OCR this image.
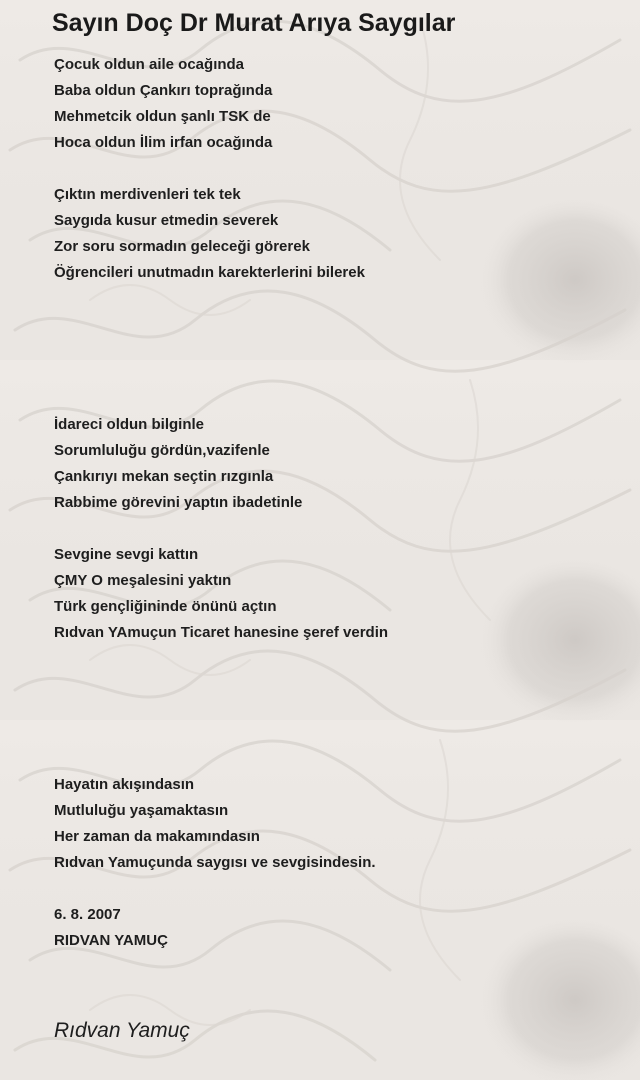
Sayın Doç Dr Murat Arıya Saygılar
Çocuk oldun aile ocağında
Baba oldun Çankırı toprağında
Mehmetcik oldun şanlı TSK de
Hoca oldun İlim irfan ocağında
Çıktın merdivenleri tek tek
Saygıda kusur etmedin severek
Zor soru sormadın geleceği görerek
Öğrencileri unutmadın karekterlerini bilerek
İdareci oldun bilginle
Sorumluluğu gördün,vazifenle
Çankırıyı mekan seçtin rızgınla
Rabbime görevini yaptın ibadetinle
Sevgine sevgi kattın
ÇMY O meşalesini yaktın
Türk gençliğininde önünü açtın
Rıdvan YAmuçun Ticaret hanesine şeref verdin
Hayatın akışındasın
Mutluluğu yaşamaktasın
Her zaman da makamındasın
Rıdvan Yamuçunda saygısı ve sevgisindesin.
6. 8. 2007
RIDVAN YAMUÇ
Rıdvan Yamuç
